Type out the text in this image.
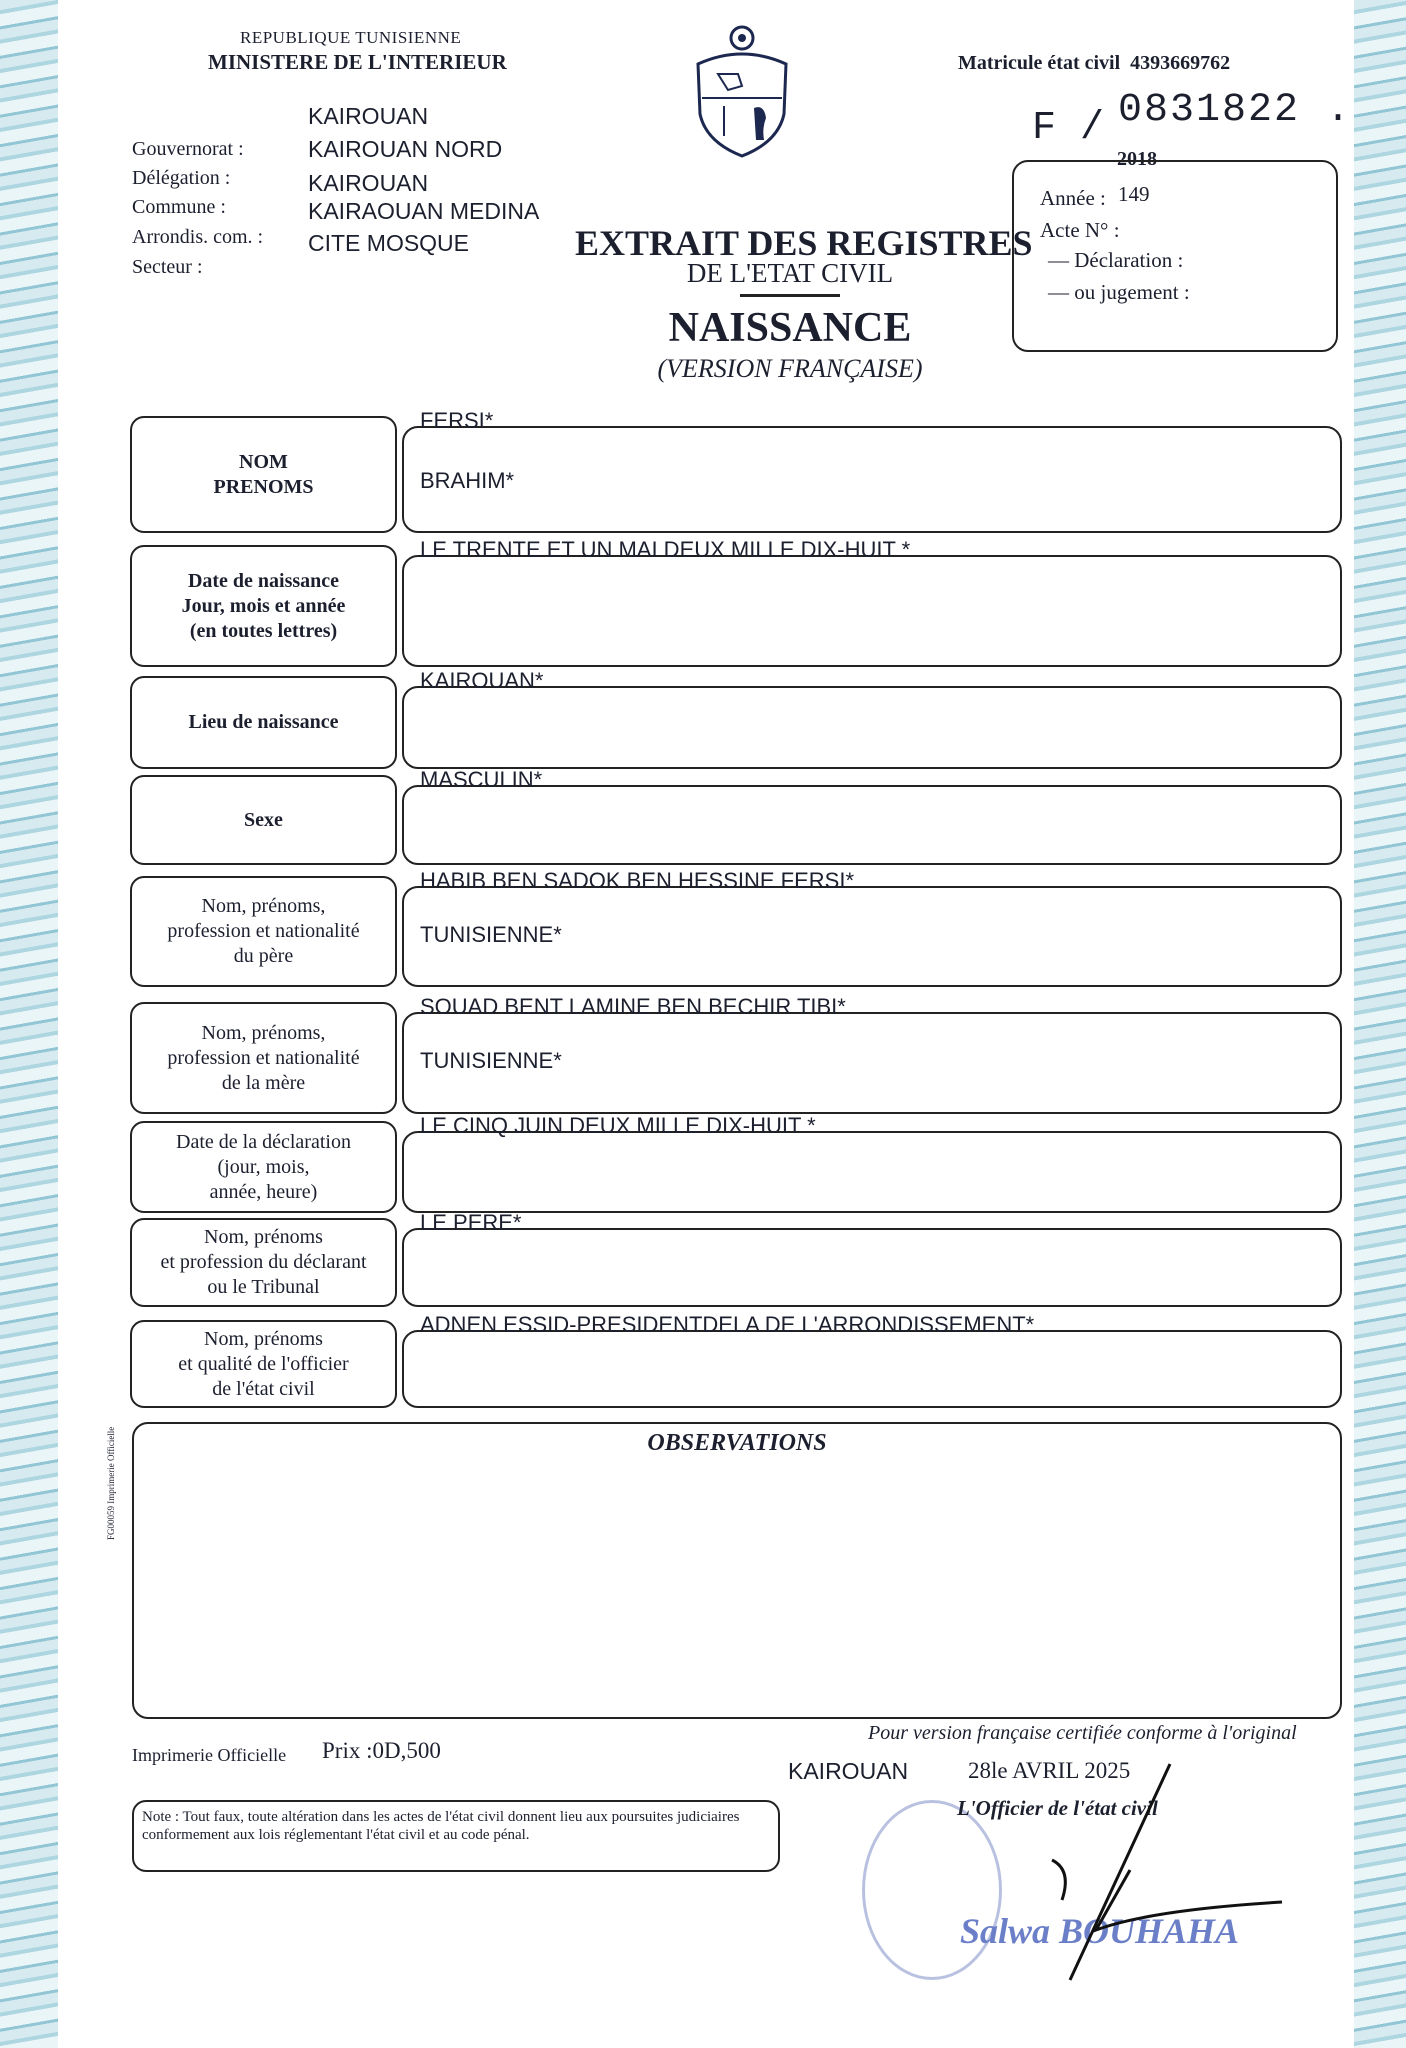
REPUBLIQUE TUNISIENNE
MINISTERE DE L'INTERIEUR
Gouvernorat :
Délégation :
Commune :
Arrondis. com. :
Secteur :
KAIROUAN
KAIROUAN NORD
KAIROUAN
KAIRAOUAN MEDINA
CITE MOSQUE
Matricule état civil 4393669762
F / 0831822 .
2018
Année : 149
Acte N° :
— Déclaration :
— ou jugement :
EXTRAIT DES REGISTRES
DE L'ETAT CIVIL
NAISSANCE
(VERSION FRANÇAISE)
NOM
PRENOMS
FERSI*
BRAHIM*
Date de naissance
Jour, mois et année
(en toutes lettres)
LE TRENTE ET UN MAI DEUX MILLE DIX-HUIT *
Lieu de naissance
KAIROUAN*
Sexe
MASCULIN*
Nom, prénoms,
profession et nationalité
du père
HABIB BEN SADOK BEN HESSINE FERSI*
TUNISIENNE*
Nom, prénoms,
profession et nationalité
de la mère
SOUAD BENT LAMINE BEN BECHIR TIBI*
TUNISIENNE*
Date de la déclaration
(jour, mois,
année, heure)
LE CINQ JUIN DEUX MILLE DIX-HUIT *
Nom, prénoms
et profession du déclarant
ou le Tribunal
LE PERE*
Nom, prénoms
et qualité de l'officier
de l'état civil
ADNEN ESSID-PRESIDENTDELA DE L'ARRONDISSEMENT*
OBSERVATIONS
FG00059 Imprimerie Officielle
Imprimerie Officielle Prix :0D,500
Note : Tout faux, toute altération dans les actes de l'état civil donnent lieu aux poursuites judiciaires conformement aux lois réglementant l'état civil et au code pénal.
Pour version française certifiée conforme à l'original
KAIROUAN	28le AVRIL 2025
L'Officier de l'état civil
Salwa BOUHAHA
